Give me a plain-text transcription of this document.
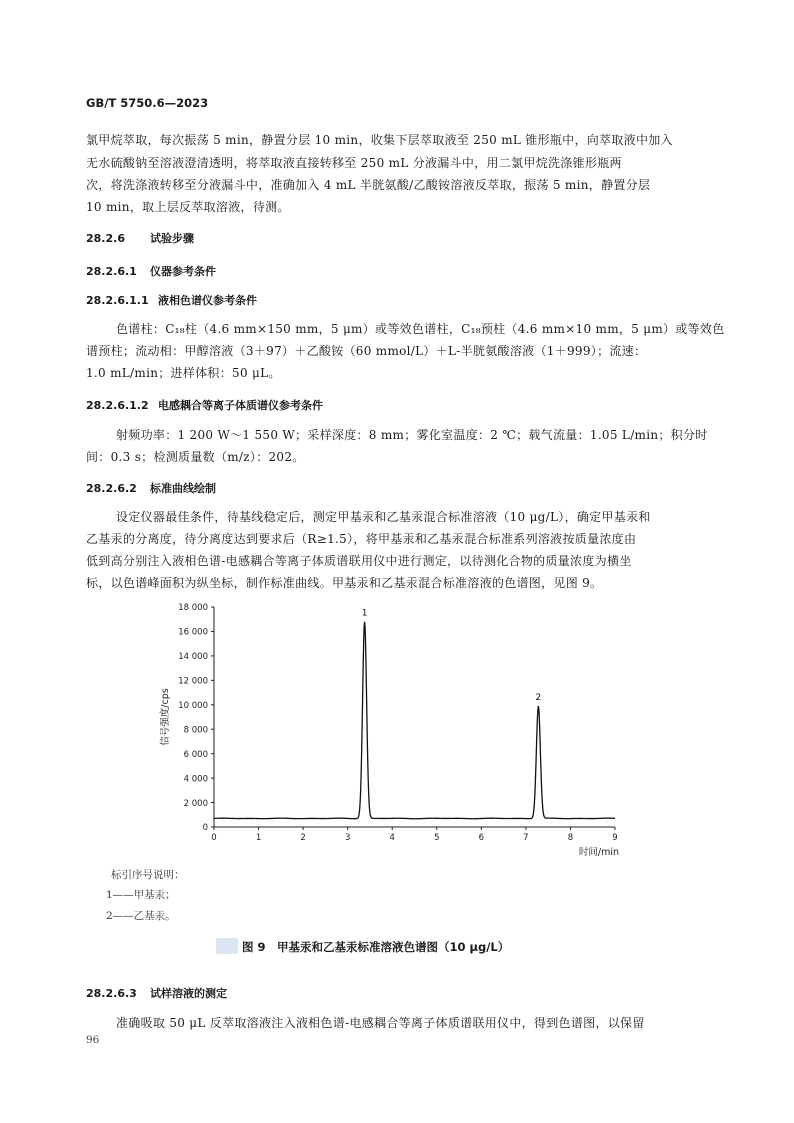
GB/T 5750.6—2023
氯甲烷萃取，每次振荡 5 min，静置分层 10 min，收集下层萃取液至 250 mL 锥形瓶中，向萃取液中加入
无水硫酸钠至溶液澄清透明，将萃取液直接转移至 250 mL 分液漏斗中，用二氯甲烷洗涤锥形瓶两
次，将洗涤液转移至分液漏斗中，准确加入 4 mL 半胱氨酸/乙酸铵溶液反萃取，振荡 5 min，静置分层
10 min，取上层反萃取溶液，待测。
28.2.6 试验步骤
28.2.6.1 仪器参考条件
28.2.6.1.1 液相色谱仪参考条件
色谱柱：C₁₈柱（4.6 mm×150 mm，5 μm）或等效色谱柱，C₁₈预柱（4.6 mm×10 mm，5 μm）或等效色
谱预柱；流动相：甲醇溶液（3＋97）＋乙酸铵（60 mmol/L）＋L-半胱氨酸溶液（1＋999）；流速：
1.0 mL/min；进样体积：50 μL。
28.2.6.1.2 电感耦合等离子体质谱仪参考条件
射频功率：1 200 W～1 550 W；采样深度：8 mm；雾化室温度：2 ℃；载气流量：1.05 L/min；积分时
间：0.3 s；检测质量数（m/z）：202。
28.2.6.2 标准曲线绘制
设定仪器最佳条件，待基线稳定后，测定甲基汞和乙基汞混合标准溶液（10 μg/L），确定甲基汞和
乙基汞的分离度，待分离度达到要求后（R≥1.5），将甲基汞和乙基汞混合标准系列溶液按质量浓度由
低到高分别注入液相色谱-电感耦合等离子体质谱联用仪中进行测定，以待测化合物的质量浓度为横坐
标，以色谱峰面积为纵坐标，制作标准曲线。甲基汞和乙基汞混合标准溶液的色谱图，见图 9。
0
2 000
4 000
6 000
8 000
10 000
12 000
14 000
16 000
18 000
0	1	2	3	4	5	6	7	8	9
1
2
信号强度/cps
时间/min
标引序号说明：
1——甲基汞；
2——乙基汞。
图 9　甲基汞和乙基汞标准溶液色谱图（10 μg/L）
28.2.6.3 试样溶液的测定
准确吸取 50 μL 反萃取溶液注入液相色谱-电感耦合等离子体质谱联用仪中，得到色谱图，以保留
96
